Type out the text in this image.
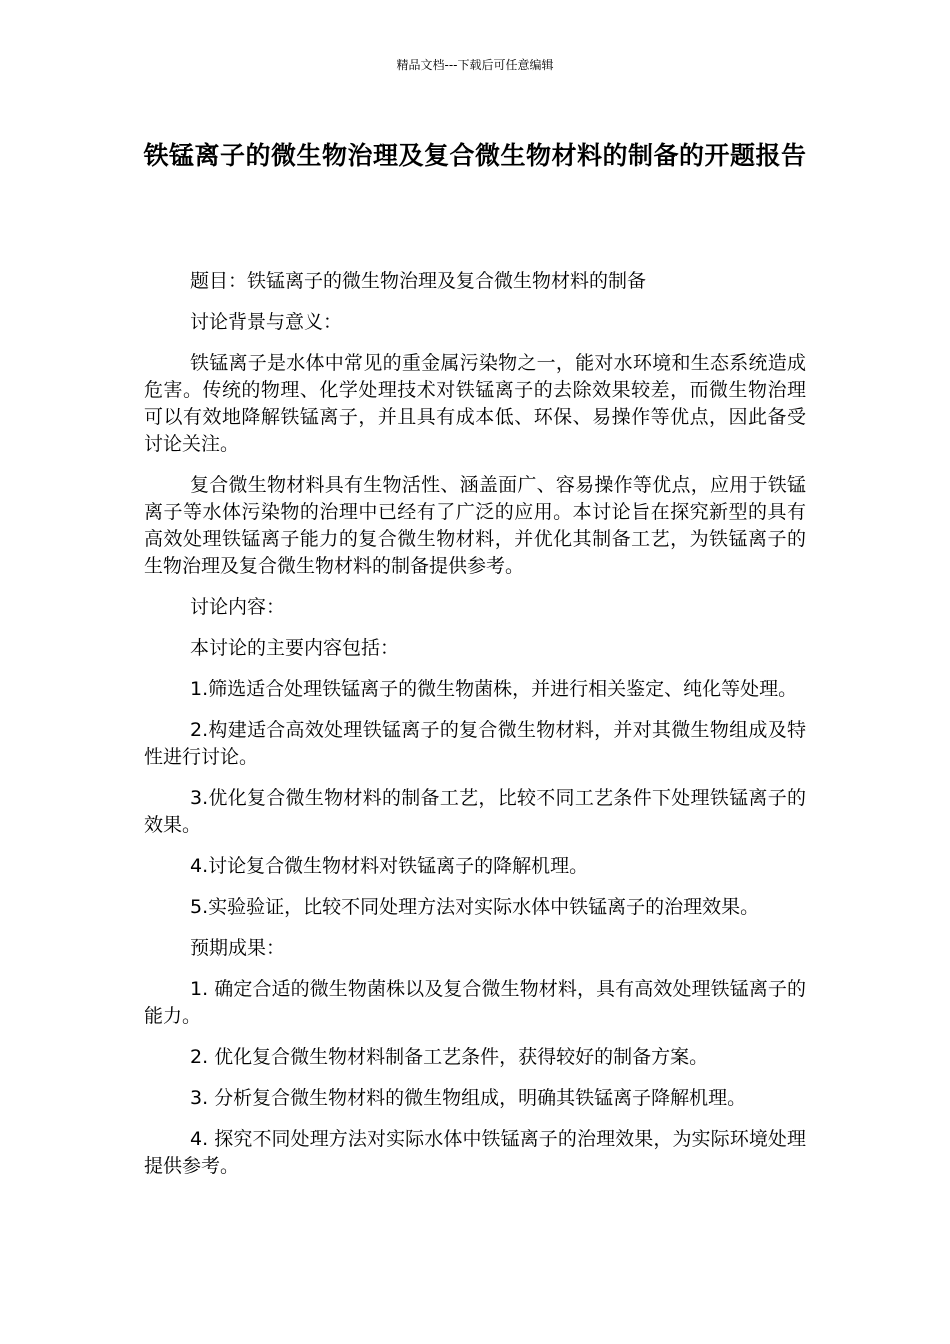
精品文档---下载后可任意编辑
铁锰离子的微生物治理及复合微生物材料的制备的开题报告

题目：铁锰离子的微生物治理及复合微生物材料的制备

讨论背景与意义：

铁锰离子是水体中常见的重金属污染物之一，能对水环境和生态系统造成危害。传统的物理、化学处理技术对铁锰离子的去除效果较差，而微生物治理可以有效地降解铁锰离子，并且具有成本低、环保、易操作等优点，因此备受讨论关注。

复合微生物材料具有生物活性、涵盖面广、容易操作等优点，应用于铁锰离子等水体污染物的治理中已经有了广泛的应用。本讨论旨在探究新型的具有高效处理铁锰离子能力的复合微生物材料，并优化其制备工艺，为铁锰离子的生物治理及复合微生物材料的制备提供参考。

讨论内容：

本讨论的主要内容包括：

1.筛选适合处理铁锰离子的微生物菌株，并进行相关鉴定、纯化等处理。

2.构建适合高效处理铁锰离子的复合微生物材料，并对其微生物组成及特性进行讨论。

3.优化复合微生物材料的制备工艺，比较不同工艺条件下处理铁锰离子的效果。

4.讨论复合微生物材料对铁锰离子的降解机理。

5.实验验证，比较不同处理方法对实际水体中铁锰离子的治理效果。

预期成果：

1. 确定合适的微生物菌株以及复合微生物材料，具有高效处理铁锰离子的能力。

2. 优化复合微生物材料制备工艺条件，获得较好的制备方案。

3. 分析复合微生物材料的微生物组成，明确其铁锰离子降解机理。

4. 探究不同处理方法对实际水体中铁锰离子的治理效果，为实际环境处理提供参考。
